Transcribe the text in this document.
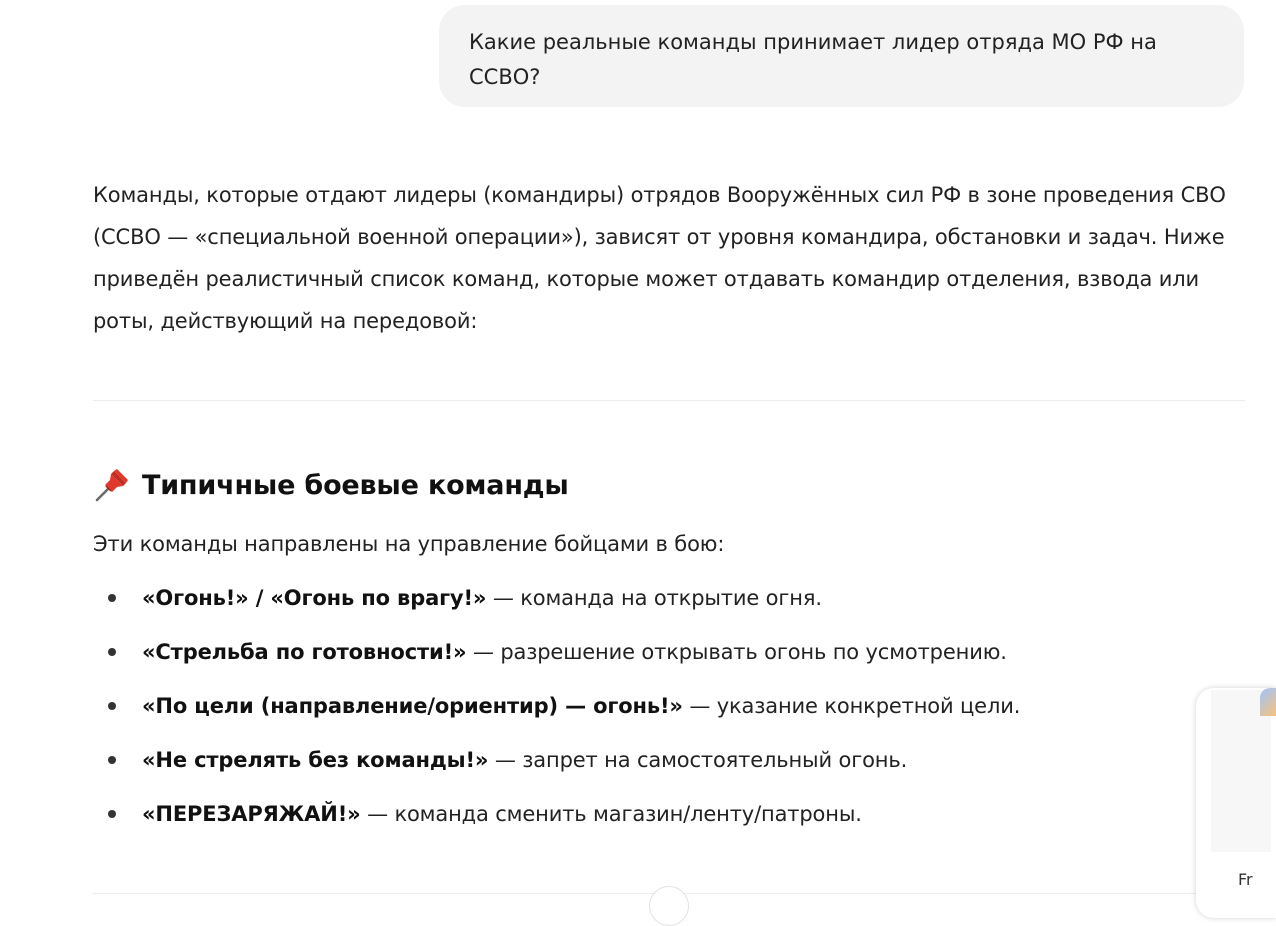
Какие реальные команды принимает лидер отряда МО РФ на
ССВО?

Команды, которые отдают лидеры (командиры) отрядов Вооружённых сил РФ в зоне проведения СВО
(ССВО — «специальной военной операции»), зависят от уровня командира, обстановки и задач. Ниже
приведён реалистичный список команд, которые может отдавать командир отделения, взвода или
роты, действующий на передовой:

Типичные боевые команды
Эти команды направлены на управление бойцами в бою:
«Огонь!» / «Огонь по врагу!» — команда на открытие огня.
«Стрельба по готовности!» — разрешение открывать огонь по усмотрению.
«По цели (направление/ориентир) — огонь!» — указание конкретной цели.
«Не стрелять без команды!» — запрет на самостоятельный огонь.
«ПЕРЕЗАРЯЖАЙ!» — команда сменить магазин/ленту/патроны.
Fr
